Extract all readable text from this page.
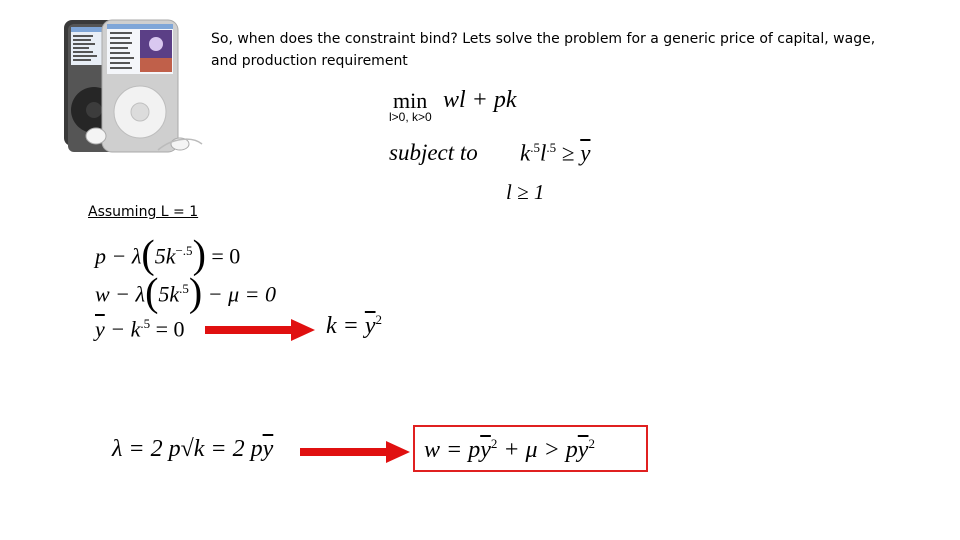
So, when does the constraint bind? Lets solve the problem for a generic price of capital, wage,
and production requirement
min
l>0, k>0
wl + pk
subject to $k^{.5}l^{.5} \ge \overline{y}$
l ≥ 1
Assuming L = 1
$p - \lambda(5k^{-.5}) = 0$
$w - \lambda(5k^{.5}) - \mu = 0$
$\overline{y} - k^{.5} = 0$	$k = \overline{y}^2$
λ = 2 p√k = 2 $p\overline{y}$	$w = p\overline{y}^2 + \mu > p\overline{y}^2$
